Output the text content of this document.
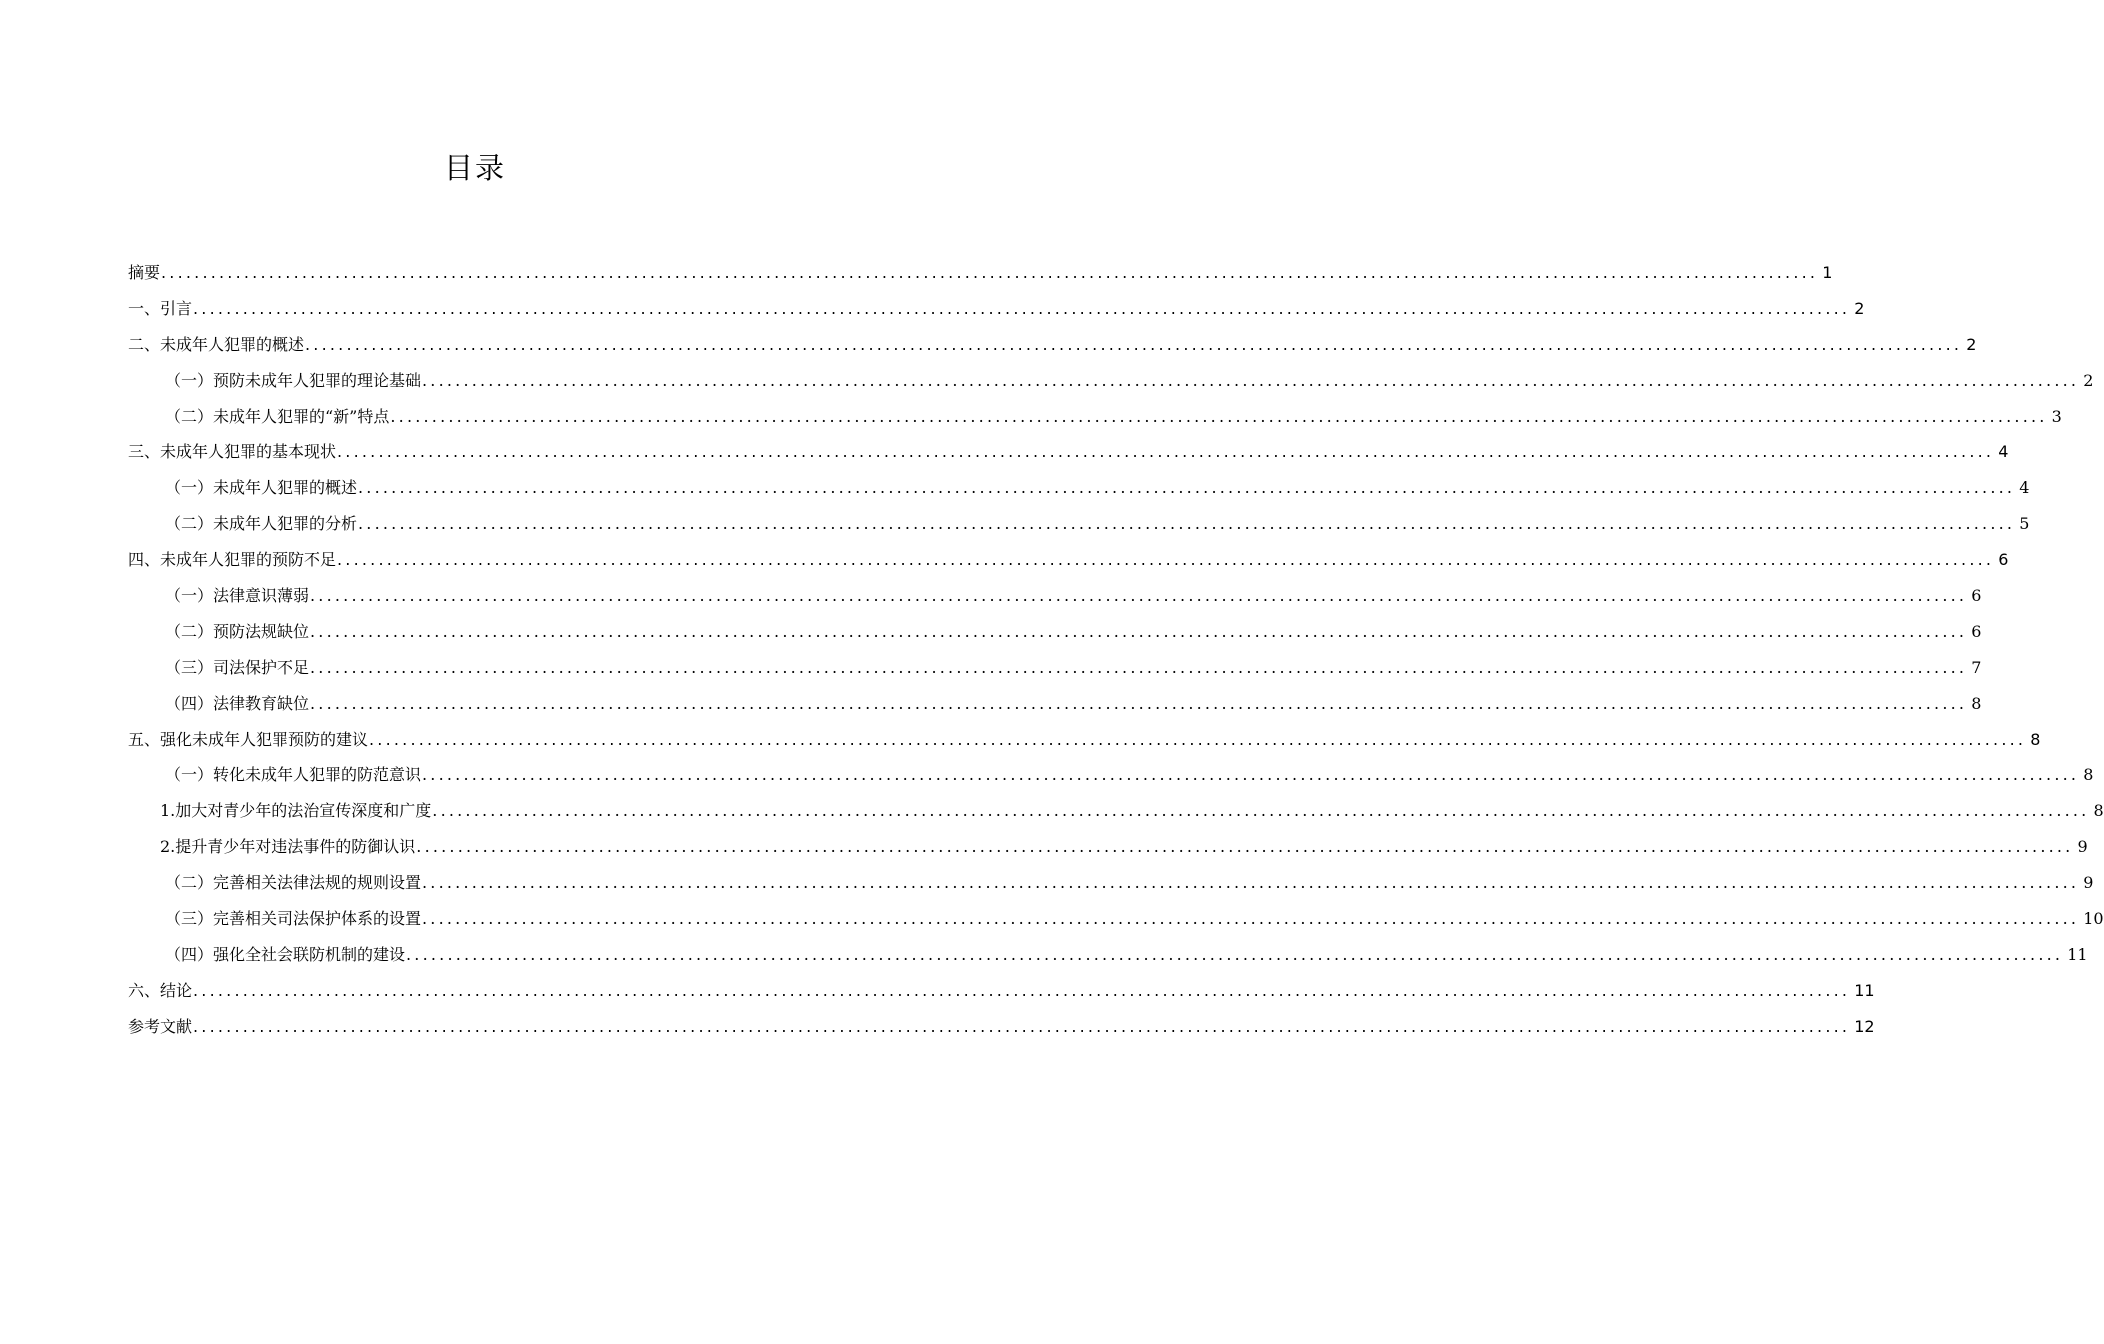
目录
摘要 ........................................................................................................................................................................................................ 1
一、引言 ........................................................................................................................................................................................................ 2
二、未成年人犯罪的概述 ........................................................................................................................................................................................................ 2
（一）预防未成年人犯罪的理论基础 ........................................................................................................................................................................................................ 2
（二）未成年人犯罪的“新”特点 ........................................................................................................................................................................................................ 3
三、未成年人犯罪的基本现状 ........................................................................................................................................................................................................ 4
（一）未成年人犯罪的概述 ........................................................................................................................................................................................................ 4
（二）未成年人犯罪的分析 ........................................................................................................................................................................................................ 5
四、未成年人犯罪的预防不足 ........................................................................................................................................................................................................ 6
（一）法律意识薄弱 ........................................................................................................................................................................................................ 6
（二）预防法规缺位 ........................................................................................................................................................................................................ 6
（三）司法保护不足 ........................................................................................................................................................................................................ 7
（四）法律教育缺位 ........................................................................................................................................................................................................ 8
五、强化未成年人犯罪预防的建议 ........................................................................................................................................................................................................ 8
（一）转化未成年人犯罪的防范意识 ........................................................................................................................................................................................................ 8
1.加大对青少年的法治宣传深度和广度 ........................................................................................................................................................................................................ 8
2.提升青少年对违法事件的防御认识 ........................................................................................................................................................................................................ 9
（二）完善相关法律法规的规则设置 ........................................................................................................................................................................................................ 9
（三）完善相关司法保护体系的设置 ........................................................................................................................................................................................................ 10
（四）强化全社会联防机制的建设 ........................................................................................................................................................................................................ 11
六、结论 ........................................................................................................................................................................................................ 11
参考文献 ........................................................................................................................................................................................................ 12
